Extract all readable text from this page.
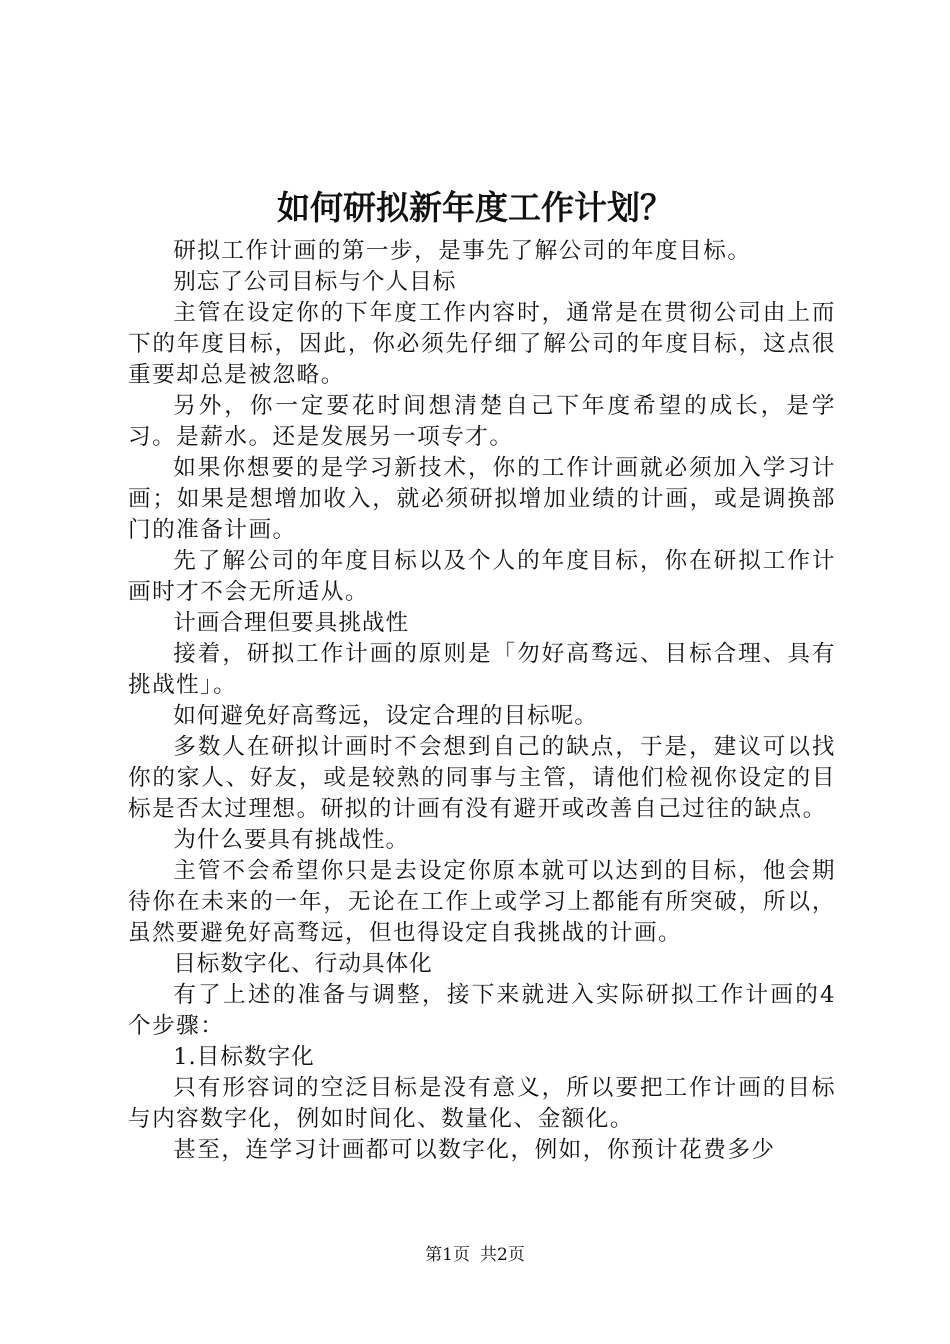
如何研拟新年度工作计划？

研拟工作计画的第一步，是事先了解公司的年度目标。

别忘了公司目标与个人目标

主管在设定你的下年度工作内容时，通常是在贯彻公司由上而下的年度目标，因此，你必须先仔细了解公司的年度目标，这点很重要却总是被忽略。

另外，你一定要花时间想清楚自己下年度希望的成长，是学习。是薪水。还是发展另一项专才。

如果你想要的是学习新技术，你的工作计画就必须加入学习计画；如果是想增加收入，就必须研拟增加业绩的计画，或是调换部门的准备计画。

先了解公司的年度目标以及个人的年度目标，你在研拟工作计画时才不会无所适从。

计画合理但要具挑战性

接着，研拟工作计画的原则是「勿好高骛远、目标合理、具有挑战性」。

如何避免好高骛远，设定合理的目标呢。

多数人在研拟计画时不会想到自己的缺点，于是，建议可以找你的家人、好友，或是较熟的同事与主管，请他们检视你设定的目标是否太过理想。研拟的计画有没有避开或改善自己过往的缺点。

为什么要具有挑战性。

主管不会希望你只是去设定你原本就可以达到的目标，他会期待你在未来的一年，无论在工作上或学习上都能有所突破，所以，虽然要避免好高骛远，但也得设定自我挑战的计画。

目标数字化、行动具体化

有了上述的准备与调整，接下来就进入实际研拟工作计画的4个步骤：

1.目标数字化

只有形容词的空泛目标是没有意义，所以要把工作计画的目标与内容数字化，例如时间化、数量化、金额化。

甚至，连学习计画都可以数字化，例如，你预计花费多少

第1页 共2页
